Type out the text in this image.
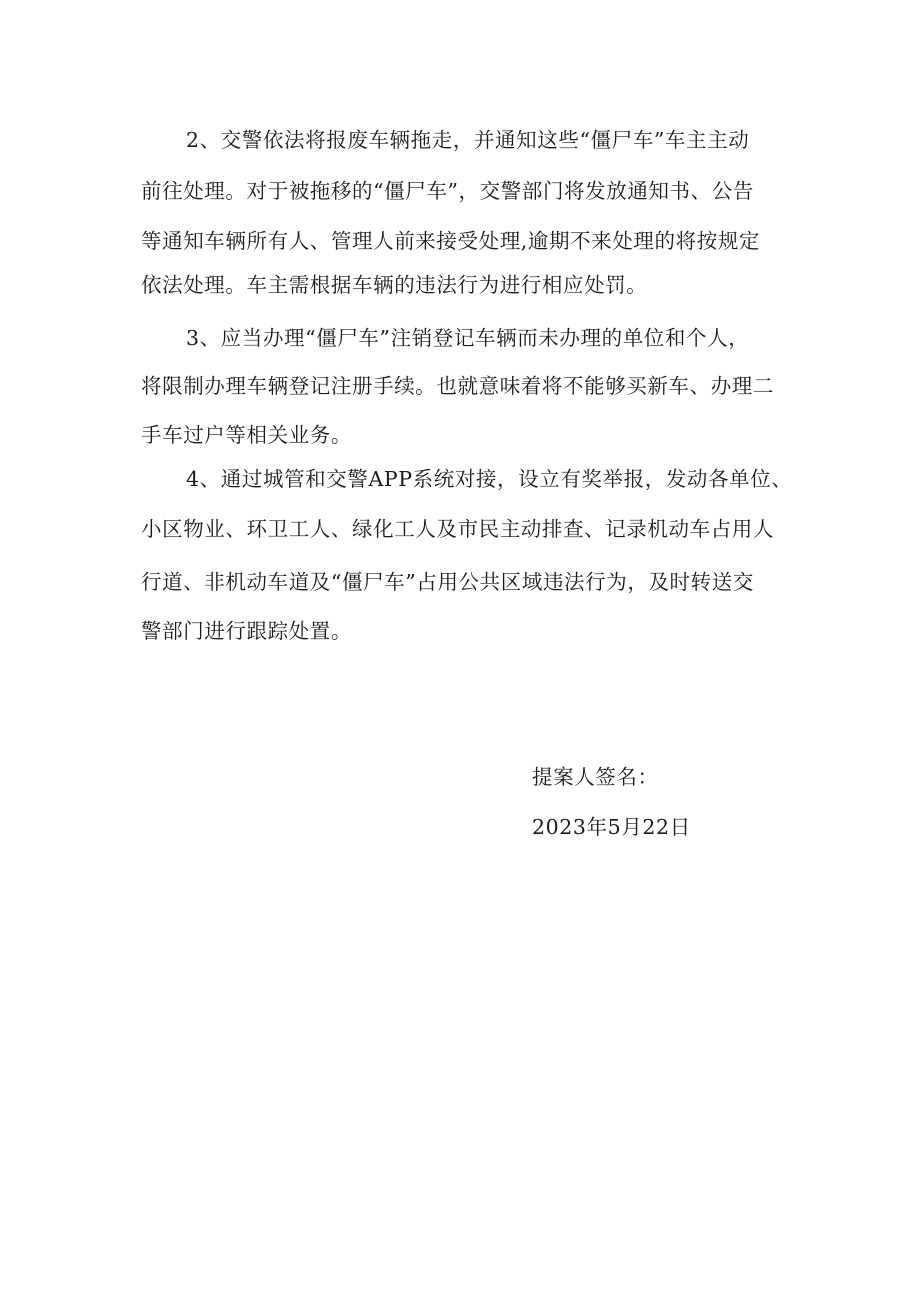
2、交警依法将报废车辆拖走，并通知这些“僵尸车”车主主动
前往处理。对于被拖移的“僵尸车”，交警部门将发放通知书、公告
等通知车辆所有人、管理人前来接受处理,逾期不来处理的将按规定
依法处理。车主需根据车辆的违法行为进行相应处罚。
3、应当办理“僵尸车”注销登记车辆而未办理的单位和个人，
将限制办理车辆登记注册手续。也就意味着将不能够买新车、办理二
手车过户等相关业务。
4、通过城管和交警APP系统对接，设立有奖举报，发动各单位、
小区物业、环卫工人、绿化工人及市民主动排查、记录机动车占用人
行道、非机动车道及“僵尸车”占用公共区域违法行为，及时转送交
警部门进行跟踪处置。
提案人签名：
2023年5月22日
